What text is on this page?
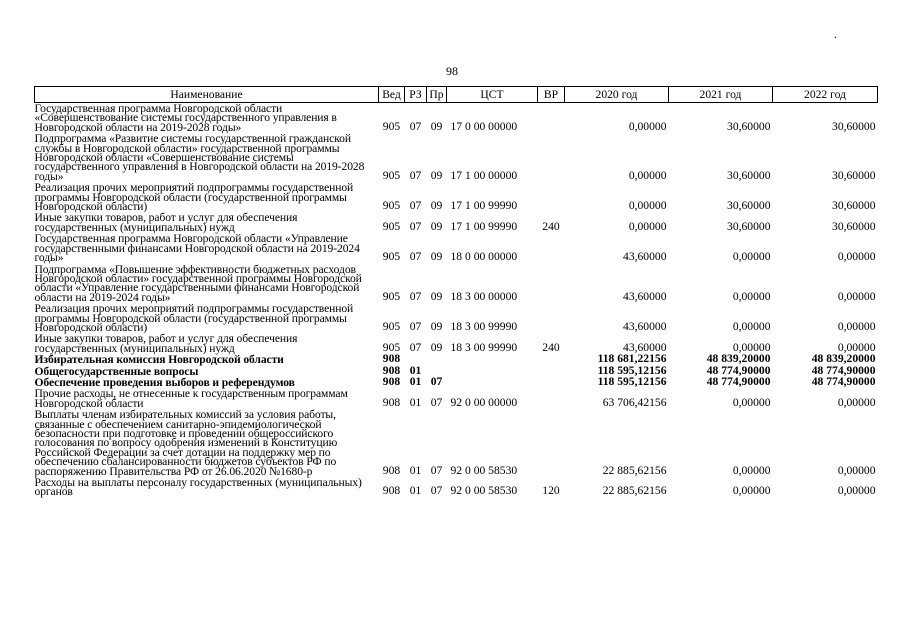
.
98
Наименование	Вед	РЗ	Пр	ЦСТ	ВР	2020 год	2021 год	2022 год
Государственная программа Новгородской области «Совершенствование системы государственного управления в Новгородской области на 2019-2028 годы»	905	07	09	17 0 00 00000		0,00000	30,60000	30,60000
Подпрограмма «Развитие системы государственной гражданской службы в Новгородской области» государственной программы Новгородской области «Совершенствование системы государственного управления в Новгородской области на 2019-2028 годы»	905	07	09	17 1 00 00000		0,00000	30,60000	30,60000
Реализация прочих мероприятий подпрограммы государственной программы Новгородской области (государственной программы Новгородской области)	905	07	09	17 1 00 99990		0,00000	30,60000	30,60000
Иные закупки товаров, работ и услуг для обеспечения государственных (муниципальных) нужд	905	07	09	17 1 00 99990	240	0,00000	30,60000	30,60000
Государственная программа Новгородской области «Управление государственными финансами Новгородской области на 2019-2024 годы»	905	07	09	18 0 00 00000		43,60000	0,00000	0,00000
Подпрограмма «Повышение эффективности бюджетных расходов Новгородской области» государственной программы Новгородской области «Управление государственными финансами Новгородской области на 2019-2024 годы»	905	07	09	18 3 00 00000		43,60000	0,00000	0,00000
Реализация прочих мероприятий подпрограммы государственной программы Новгородской области (государственной программы Новгородской области)	905	07	09	18 3 00 99990		43,60000	0,00000	0,00000
Иные закупки товаров, работ и услуг для обеспечения государственных (муниципальных) нужд	905	07	09	18 3 00 99990	240	43,60000	0,00000	0,00000
Избирательная комиссия Новгородской области	908					118 681,22156	48 839,20000	48 839,20000
Общегосударственные вопросы	908	01				118 595,12156	48 774,90000	48 774,90000
Обеспечение проведения выборов и референдумов	908	01	07			118 595,12156	48 774,90000	48 774,90000
Прочие расходы, не отнесенные к государственным программам Новгородской области	908	01	07	92 0 00 00000		63 706,42156	0,00000	0,00000
Выплаты членам избирательных комиссий за условия работы, связанные с обеспечением санитарно-эпидемиологической безопасности при подготовке и проведении общероссийского голосования по вопросу одобрения изменений в Конституцию Российской Федерации за счет дотации на поддержку мер по обеспечению сбалансированности бюджетов субъектов РФ по распоряжению Правительства РФ от 26.06.2020 №1680-р	908	01	07	92 0 00 58530		22 885,62156	0,00000	0,00000
Расходы на выплаты персоналу государственных (муниципальных) органов	908	01	07	92 0 00 58530	120	22 885,62156	0,00000	0,00000
